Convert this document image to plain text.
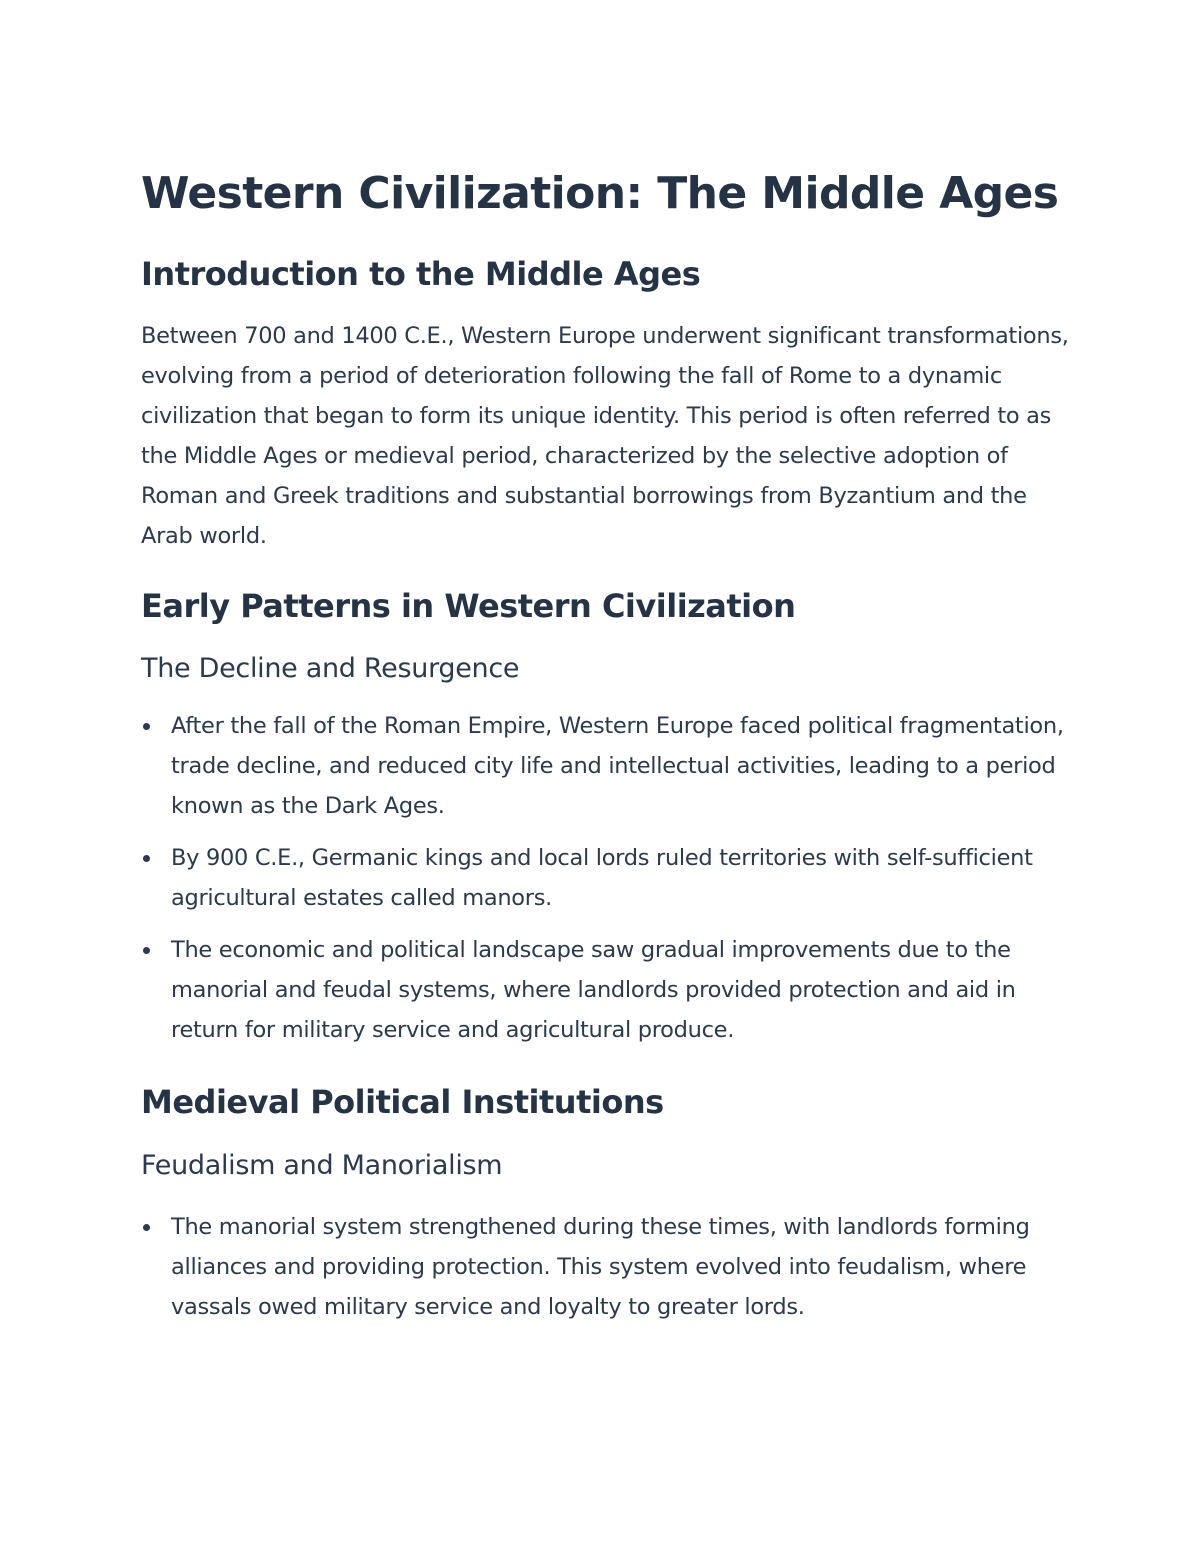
Western Civilization: The Middle Ages
Introduction to the Middle Ages

Between 700 and 1400 C.E., Western Europe underwent significant transformations, evolving from a period of deterioration following the fall of Rome to a dynamic civilization that began to form its unique identity. This period is often referred to as the Middle Ages or medieval period, characterized by the selective adoption of Roman and Greek traditions and substantial borrowings from Byzantium and the Arab world.

Early Patterns in Western Civilization
The Decline and Resurgence
After the fall of the Roman Empire, Western Europe faced political fragmentation, trade decline, and reduced city life and intellectual activities, leading to a period known as the Dark Ages.
By 900 C.E., Germanic kings and local lords ruled territories with self-sufficient agricultural estates called manors.
The economic and political landscape saw gradual improvements due to the manorial and feudal systems, where landlords provided protection and aid in return for military service and agricultural produce.
Medieval Political Institutions
Feudalism and Manorialism
The manorial system strengthened during these times, with landlords forming alliances and providing protection. This system evolved into feudalism, where vassals owed military service and loyalty to greater lords.
